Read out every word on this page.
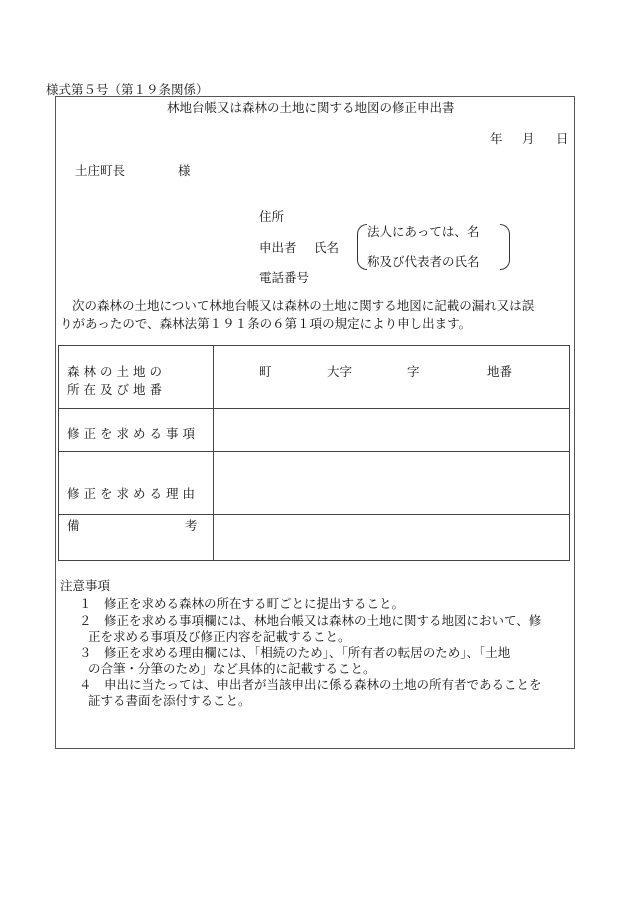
様式第５号（第１９条関係）
林地台帳又は森林の土地に関する地図の修正申出書
年 月 日
土庄町長	様
住所
申出者 氏名
電話番号
法人にあっては、名
称及び代表者の氏名
次の森林の土地について林地台帳又は森林の土地に関する地図に記載の漏れ又は誤
りがあったので、森林法第１９１条の６第１項の規定により申し出ます。
森林の土地の
所在及び地番
町	大字	字	地番
修正を求める事項
修正を求める理由
備	考
注意事項
１　修正を求める森林の所在する町ごとに提出すること。
２　修正を求める事項欄には、林地台帳又は森林の土地に関する地図において、修
正を求める事項及び修正内容を記載すること。
３　修正を求める理由欄には、「相続のため」、「所有者の転居のため」、「土地
の合筆・分筆のため」など具体的に記載すること。
４　申出に当たっては、申出者が当該申出に係る森林の土地の所有者であることを
証する書面を添付すること。
